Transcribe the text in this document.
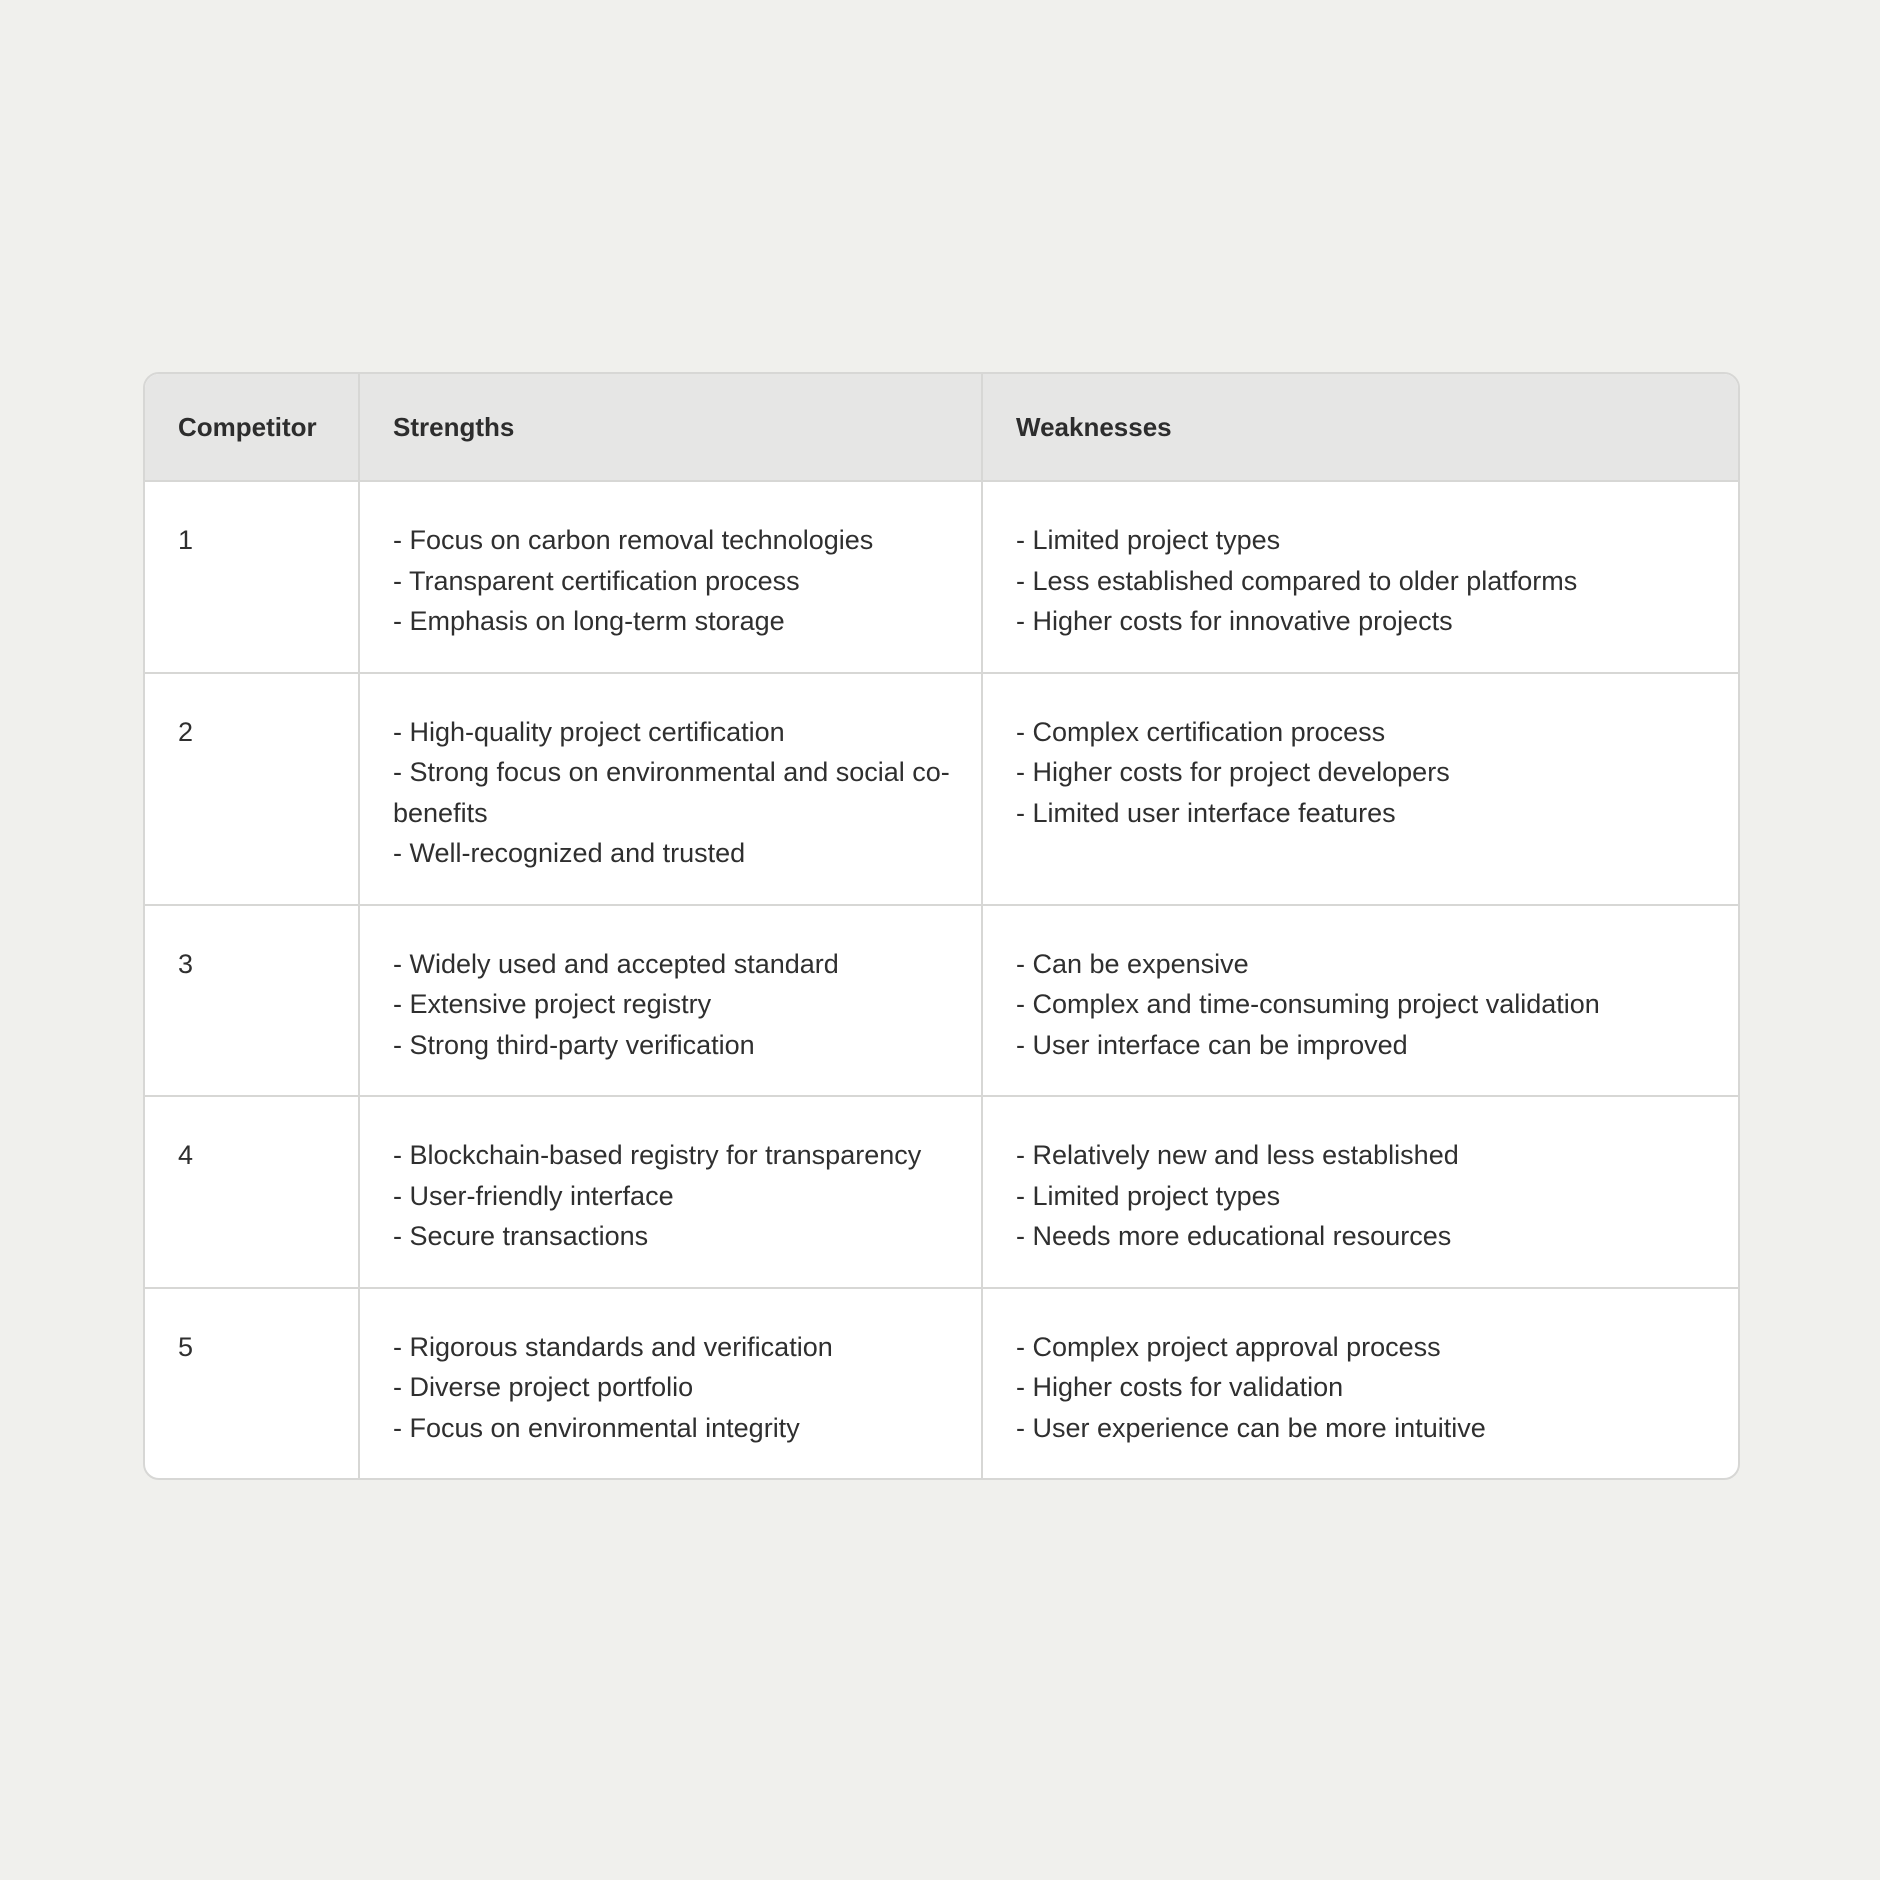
Competitor	Strengths	Weaknesses
1	- Focus on carbon removal technologies
- Transparent certification process
- Emphasis on long-term storage	- Limited project types
- Less established compared to older platforms
- Higher costs for innovative projects

2	- High-quality project certification
- Strong focus on environmental and social co-benefits
- Well-recognized and trusted	- Complex certification process
- Higher costs for project developers
- Limited user interface features

3	- Widely used and accepted standard
- Extensive project registry
- Strong third-party verification	- Can be expensive
- Complex and time-consuming project validation
- User interface can be improved

4	- Blockchain-based registry for transparency
- User-friendly interface
- Secure transactions	- Relatively new and less established
- Limited project types
- Needs more educational resources

5	- Rigorous standards and verification
- Diverse project portfolio
- Focus on environmental integrity	- Complex project approval process
- Higher costs for validation
- User experience can be more intuitive
